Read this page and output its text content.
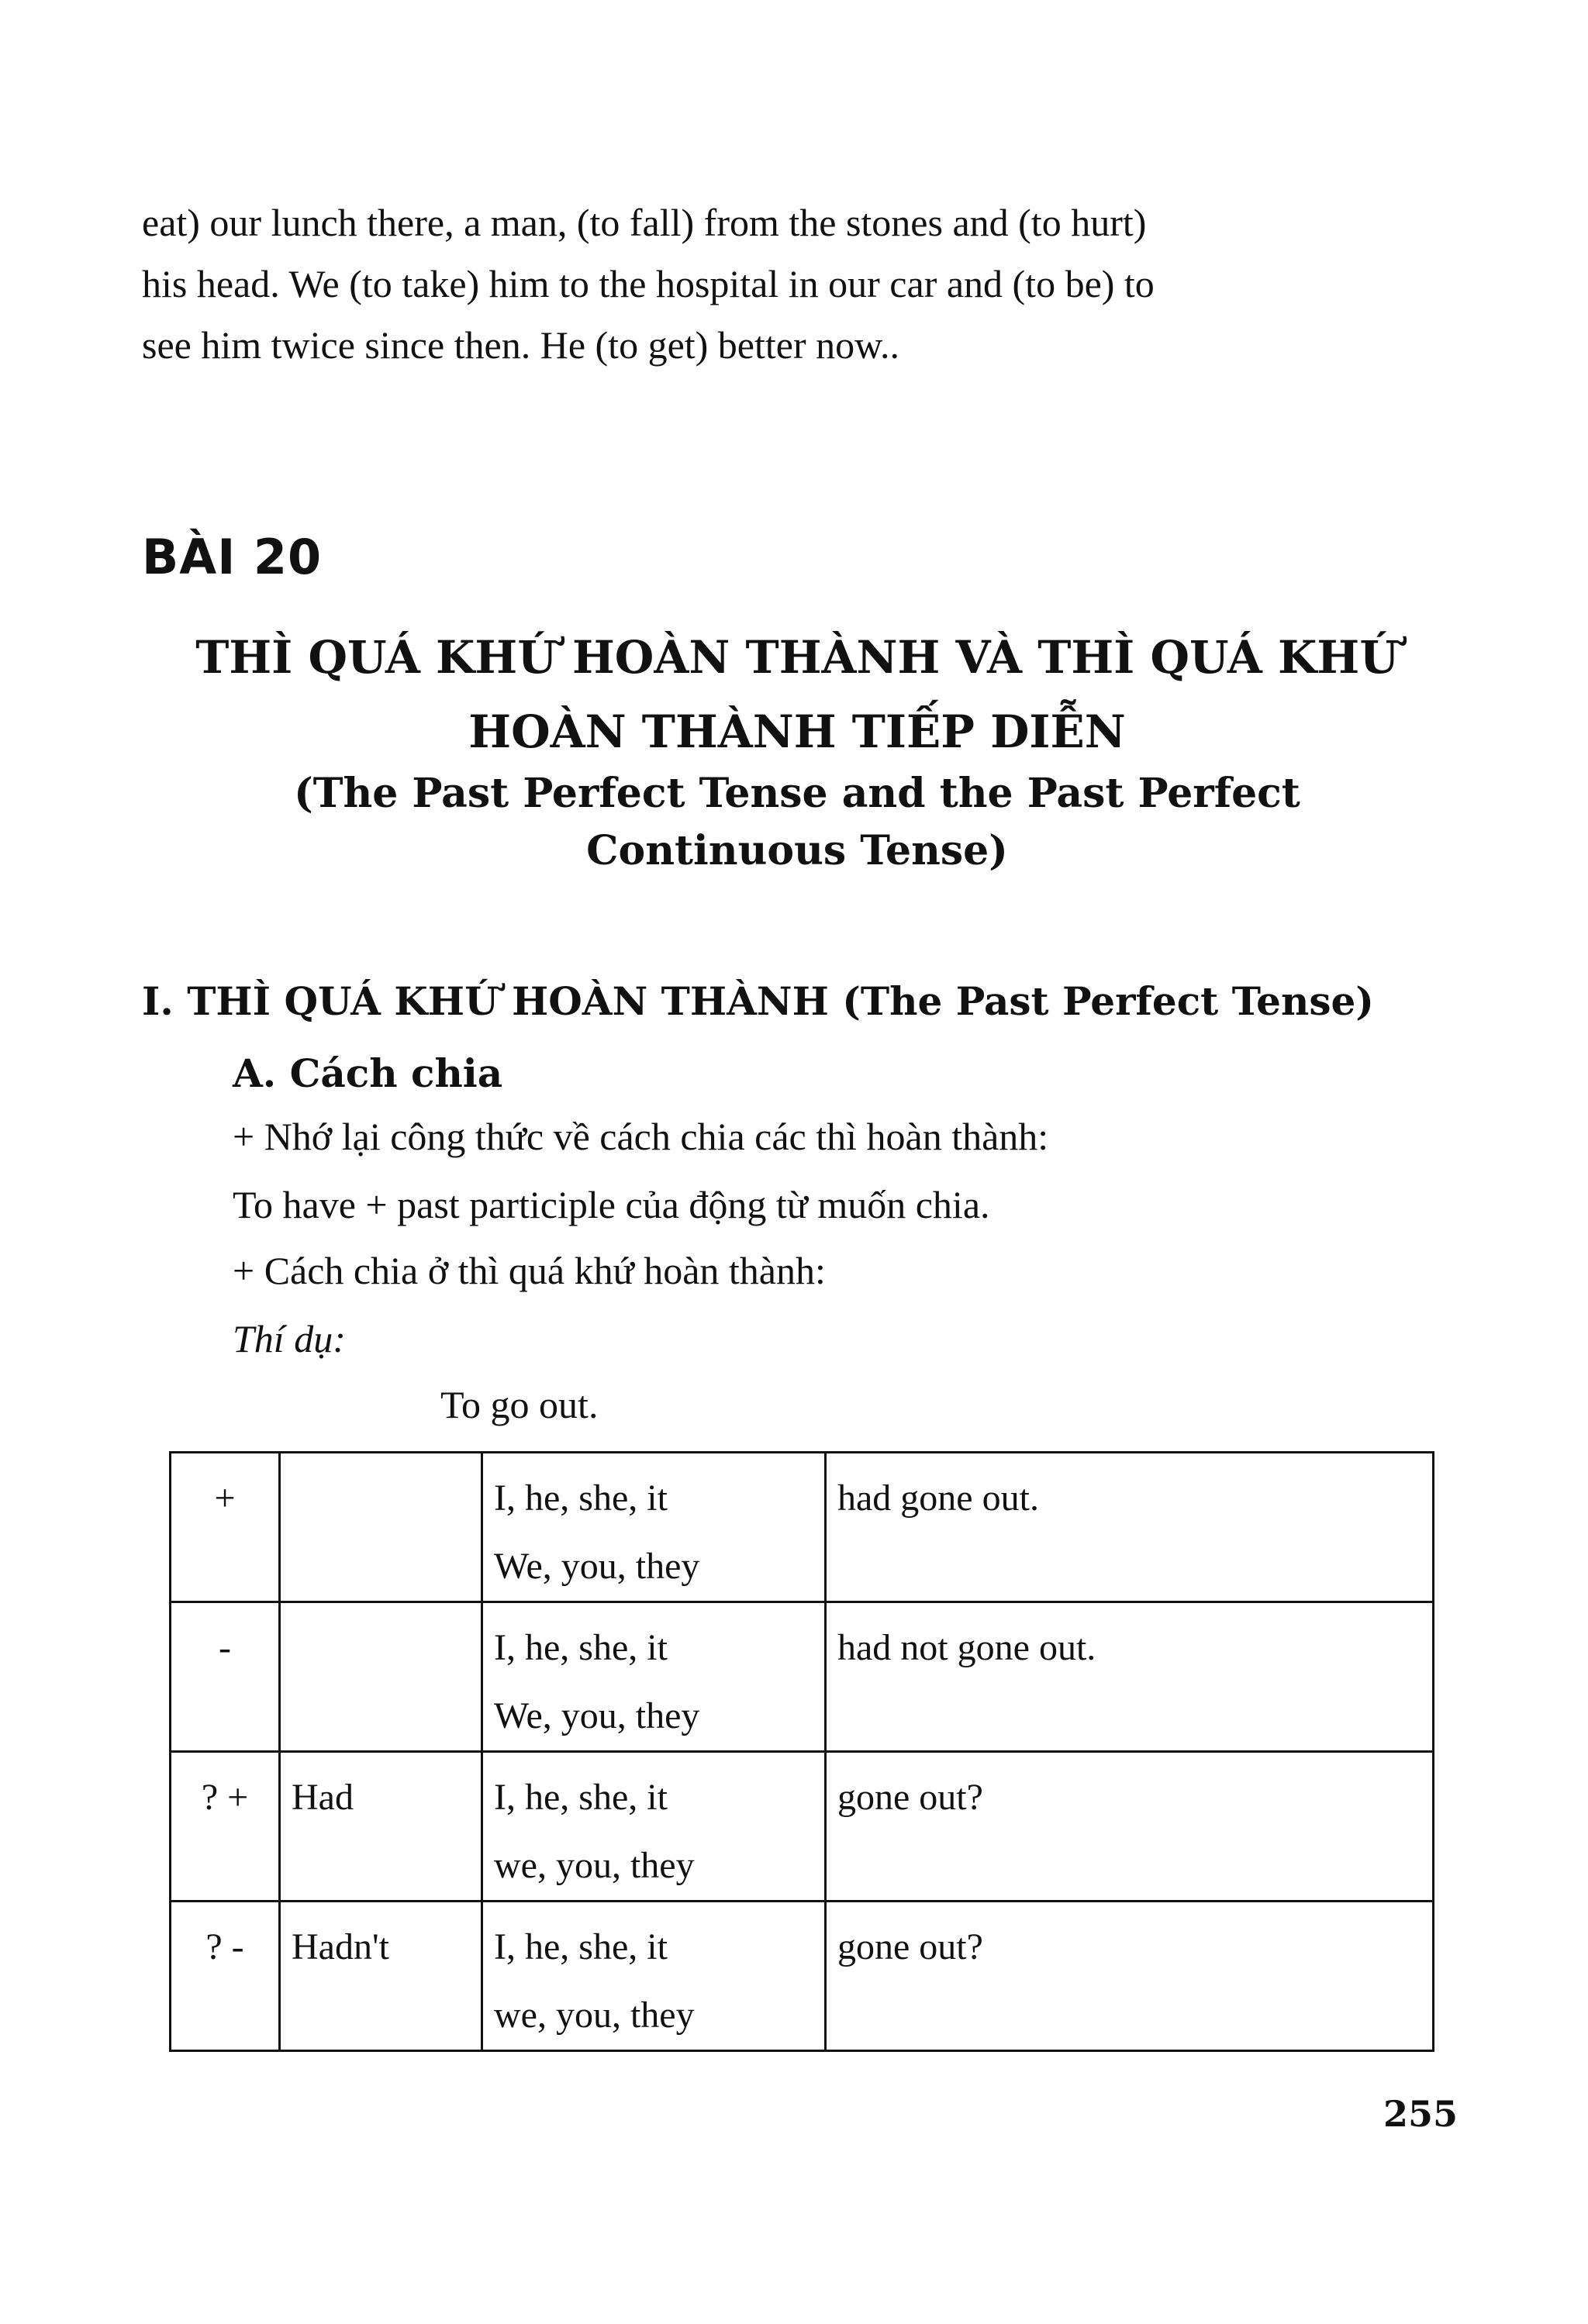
eat) our lunch there, a man, (to fall) from the stones and (to hurt)
his head. We (to take) him to the hospital in our car and (to be) to
see him twice since then. He (to get) better now..

BÀI 20
THÌ QUÁ KHỨ HOÀN THÀNH VÀ THÌ QUÁ KHỨ
HOÀN THÀNH TIẾP DIỄN
(The Past Perfect Tense and the Past Perfect
Continuous Tense)
I. THÌ QUÁ KHỨ HOÀN THÀNH (The Past Perfect Tense)
A. Cách chia

+ Nhớ lại công thức về cách chia các thì hoàn thành:

To have + past participle của động từ muốn chia.

+ Cách chia ở thì quá khứ hoàn thành:

Thí dụ:

To go out.

+		I, he, she, it
We, you, they	had gone out.

-		I, he, she, it
We, you, they	had not gone out.

? +	Had	I, he, she, it
we, you, they	gone out?

? -	Hadn't	I, he, she, it
we, you, they	gone out?

255
